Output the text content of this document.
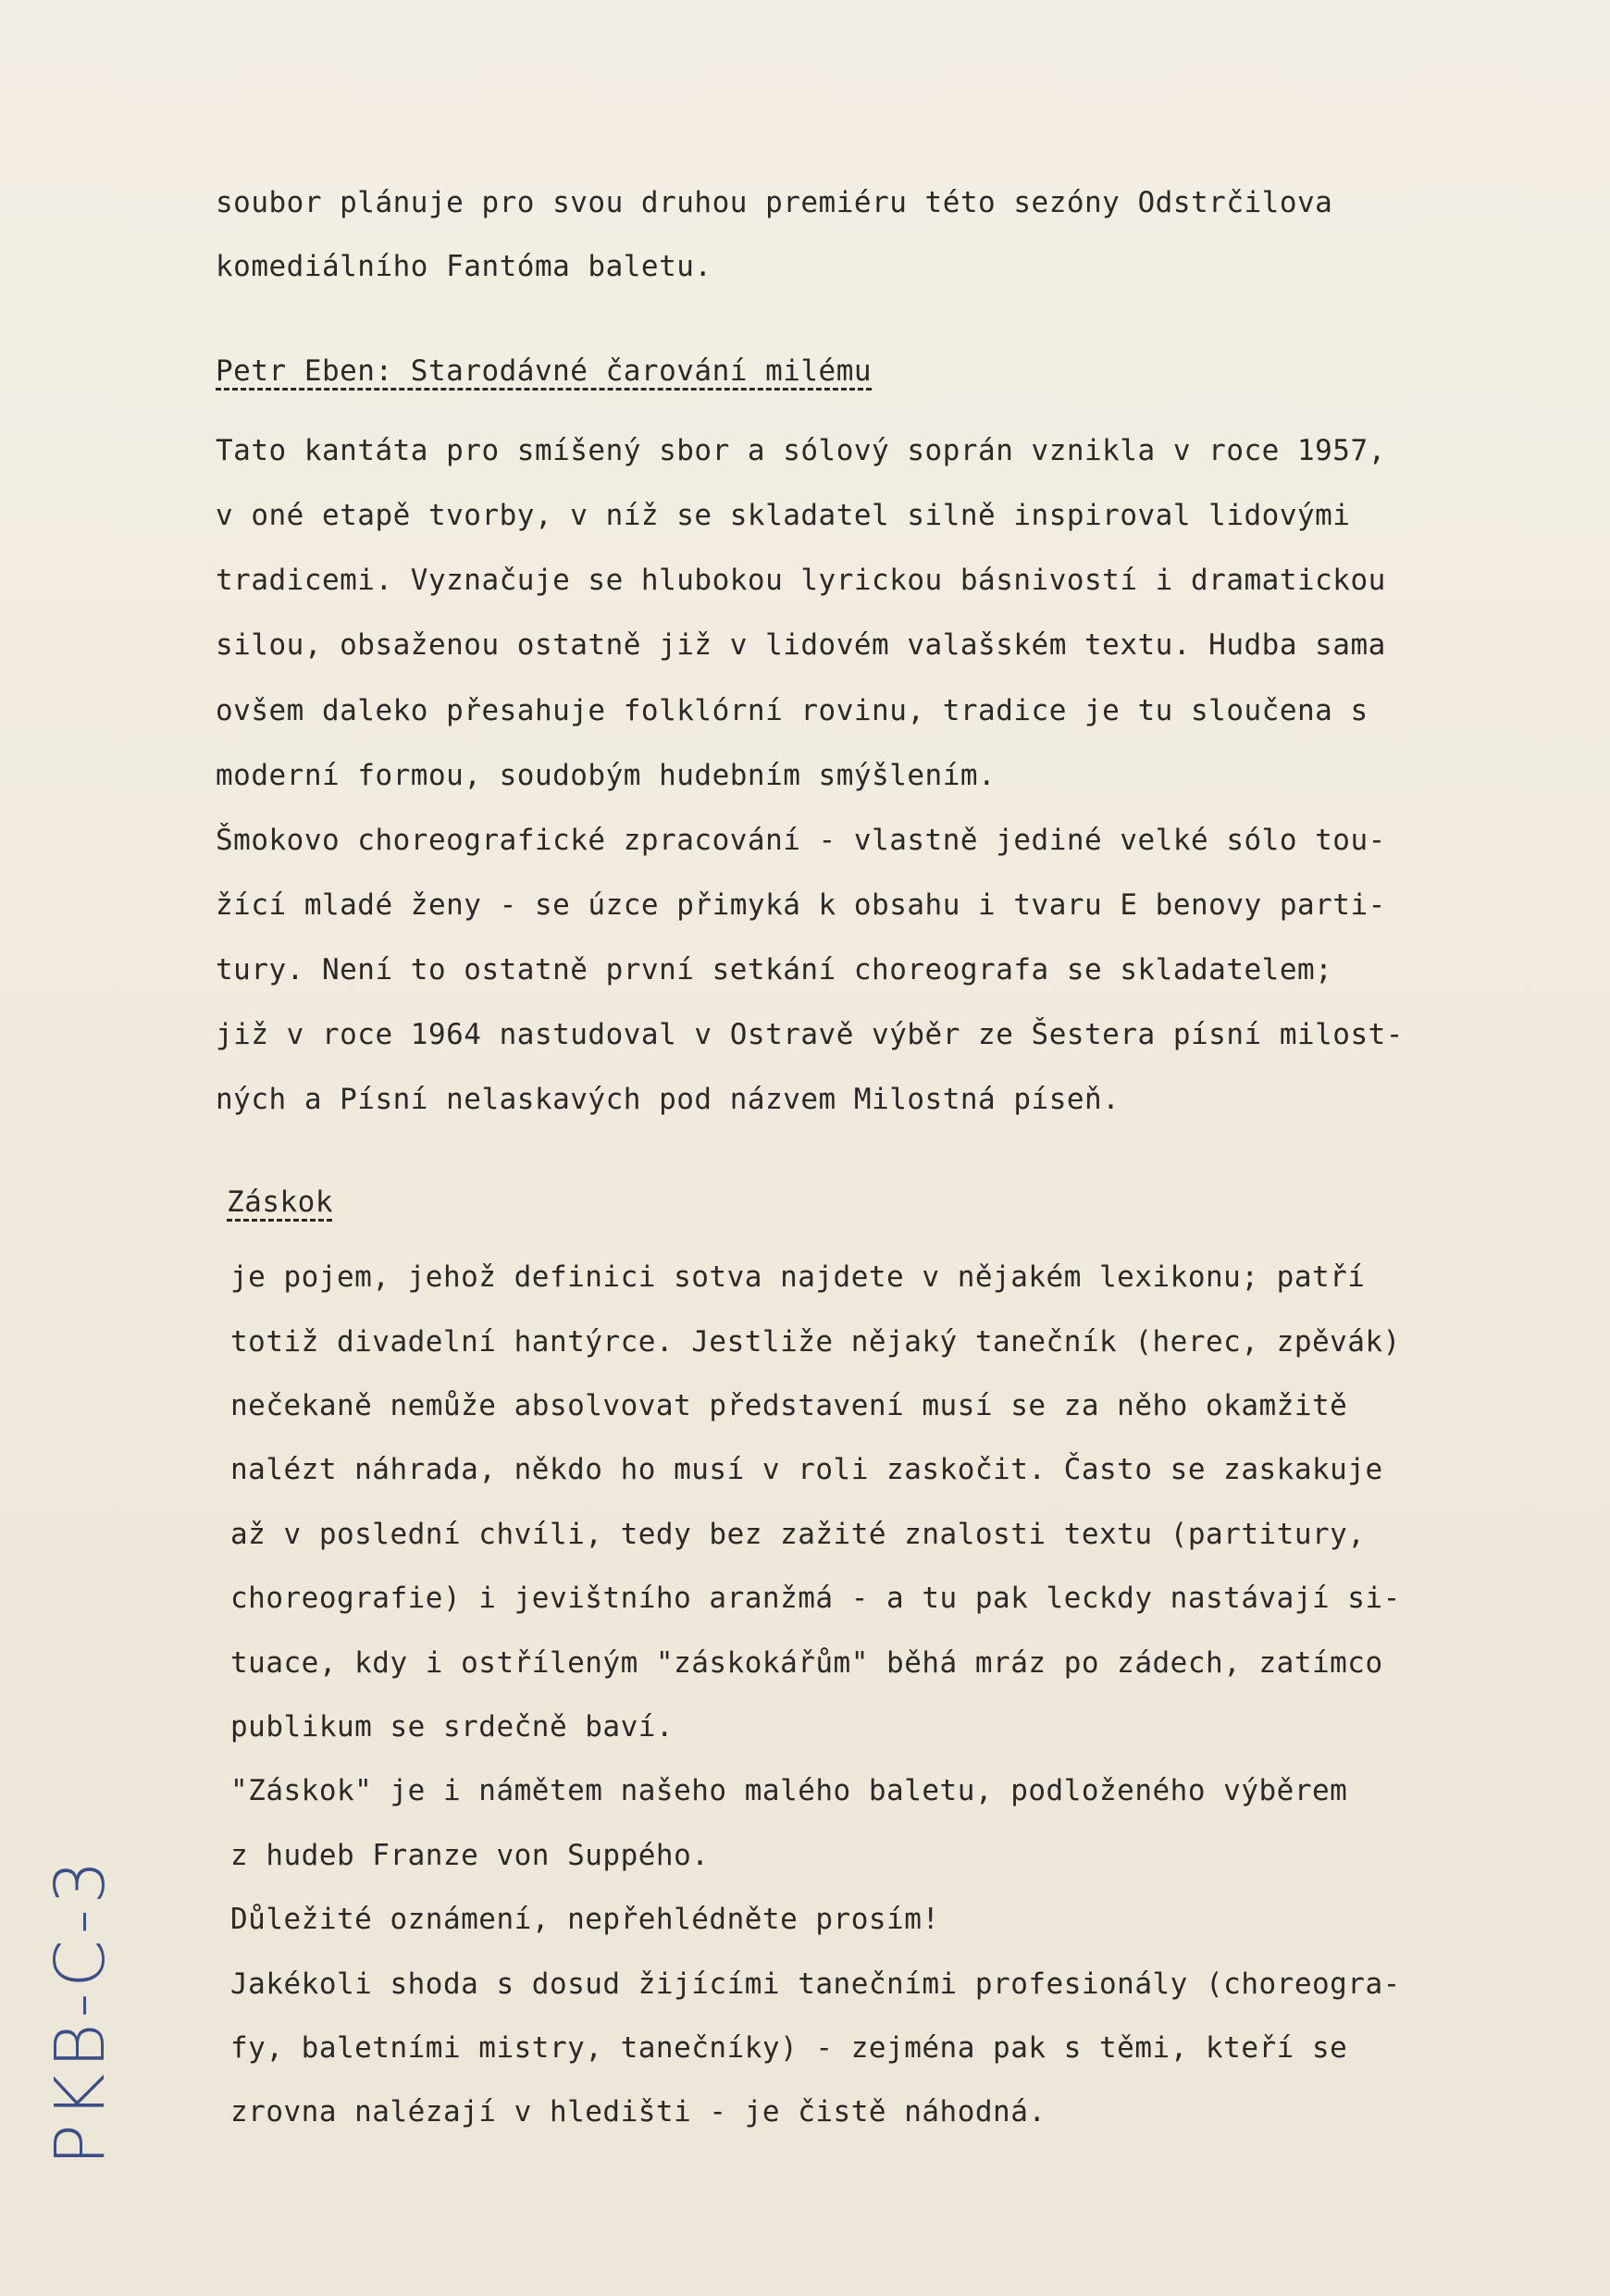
soubor plánuje pro svou druhou premiéru této sezóny Odstrčilova
komediálního Fantóma baletu.
Petr Eben: Starodávné čarování milému
Tato kantáta pro smíšený sbor a sólový soprán vznikla v roce 1957,
v oné etapě tvorby, v níž se skladatel silně inspiroval lidovými
tradicemi. Vyznačuje se hlubokou lyrickou básnivostí i dramatickou
silou, obsaženou ostatně již v lidovém valašském textu. Hudba sama
ovšem daleko přesahuje folklórní rovinu, tradice je tu sloučena s
moderní formou, soudobým hudebním smýšlením.
Šmokovo choreografické zpracování - vlastně jediné velké sólo tou-
žící mladé ženy - se úzce přimyká k obsahu i tvaru E benovy parti-
tury. Není to ostatně první setkání choreografa se skladatelem;
již v roce 1964 nastudoval v Ostravě výběr ze Šestera písní milost-
ných a Písní nelaskavých pod názvem Milostná píseň.
Záskok
je pojem, jehož definici sotva najdete v nějakém lexikonu; patří
totiž divadelní hantýrce. Jestliže nějaký tanečník (herec, zpěvák)
nečekaně nemůže absolvovat představení musí se za něho okamžitě
nalézt náhrada, někdo ho musí v roli zaskočit. Často se zaskakuje
až v poslední chvíli, tedy bez zažité znalosti textu (partitury,
choreografie) i jevištního aranžmá - a tu pak leckdy nastávají si-
tuace, kdy i ostříleným "záskokářům" běhá mráz po zádech, zatímco
publikum se srdečně baví.
"Záskok" je i námětem našeho malého baletu, podloženého výběrem
z hudeb Franze von Suppého.
Důležité oznámení, nepřehlédněte prosím!
Jakékoli shoda s dosud žijícími tanečními profesionály (choreogra-
fy, baletními mistry, tanečníky) - zejména pak s těmi, kteří se
zrovna nalézají v hledišti - je čistě náhodná.
PKB-C-3
